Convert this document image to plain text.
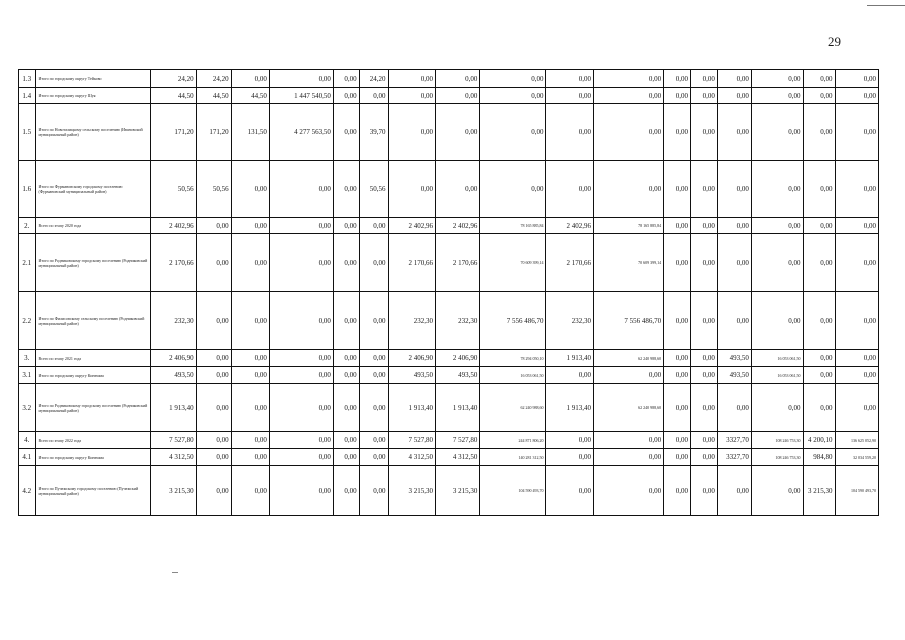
29
1.3	Итого по городскому округу Тейково	24,20	24,20	0,00	0,00	0,00	24,20	0,00	0,00	0,00	0,00	0,00	0,00	0,00	0,00	0,00	0,00	0,00
1.4	Итого по городскому округу Шуя	44,50	44,50	44,50	1 447 540,50	0,00	0,00	0,00	0,00	0,00	0,00	0,00	0,00	0,00	0,00	0,00	0,00	0,00
1.5	Итого по Новоталицкому сельскому поселению (Ивановский муниципальный район)	171,20	171,20	131,50	4 277 563,50	0,00	39,70	0,00	0,00	0,00	0,00	0,00	0,00	0,00	0,00	0,00	0,00	0,00
1.6	Итого по Фурмановскому городскому поселению (Фурмановский муниципальный район)	50,56	50,56	0,00	0,00	0,00	50,56	0,00	0,00	0,00	0,00	0,00	0,00	0,00	0,00	0,00	0,00	0,00
2.	Всего по этапу 2020 года	2 402,96	0,00	0,00	0,00	0,00	0,00	2 402,96	2 402,96	78 165 885,84	2 402,96	78 165 885,84	0,00	0,00	0,00	0,00	0,00	0,00
2.1	Итого по Родниковскому городскому поселению (Родниковский муниципальный район)	2 170,66	0,00	0,00	0,00	0,00	0,00	2 170,66	2 170,66	70 609 399,14	2 170,66	70 609 399,14	0,00	0,00	0,00	0,00	0,00	0,00
2.2	Итого по Филисовскому сельскому поселению (Родниковский муниципальный район)	232,30	0,00	0,00	0,00	0,00	0,00	232,30	232,30	7 556 486,70	232,30	7 556 486,70	0,00	0,00	0,00	0,00	0,00	0,00
3.	Всего по этапу 2021 года	2 406,90	0,00	0,00	0,00	0,00	0,00	2 406,90	2 406,90	78 294 050,10	1 913,40	62 240 988,60	0,00	0,00	493,50	16 053 061,50	0,00	0,00
3.1	Итого по городскому округу Кинешма	493,50	0,00	0,00	0,00	0,00	0,00	493,50	493,50	16 053 061,50	0,00	0,00	0,00	0,00	493,50	16 053 061,50	0,00	0,00
3.2	Итого по Родниковскому городскому поселению (Родниковский муниципальный район)	1 913,40	0,00	0,00	0,00	0,00	0,00	1 913,40	1 913,40	62 240 988,60	1 913,40	62 240 988,60	0,00	0,00	0,00	0,00	0,00	0,00
4.	Всего по этапу 2022 года	7 527,80	0,00	0,00	0,00	0,00	0,00	7 527,80	7 527,80	244 871 806,20	0,00	0,00	0,00	0,00	3327,70	108 246 753,30	4 200,10	136 625 052,90
4.1	Итого по городскому округу Кинешма	4 312,50	0,00	0,00	0,00	0,00	0,00	4 312,50	4 312,50	140 281 312,50	0,00	0,00	0,00	0,00	3327,70	108 246 753,30	984,80	32 034 559,20
4.2	Итого по Пучежскому городскому поселению (Пучежский муниципальный район)	3 215,30	0,00	0,00	0,00	0,00	0,00	3 215,30	3 215,30	104 590 493,70	0,00	0,00	0,00	0,00	0,00	0,00	3 215,30	104 590 493,70
